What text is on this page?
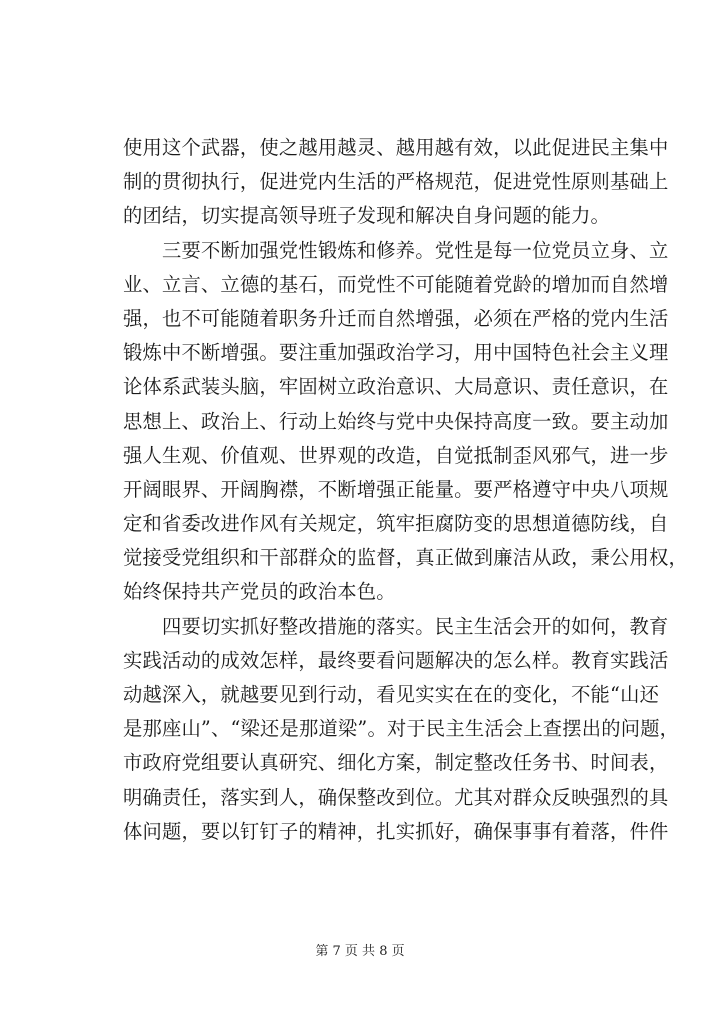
使用这个武器，使之越用越灵、越用越有效，以此促进民主集中
制的贯彻执行，促进党内生活的严格规范，促进党性原则基础上
的团结，切实提高领导班子发现和解决自身问题的能力。
三要不断加强党性锻炼和修养。党性是每一位党员立身、立
业、立言、立德的基石，而党性不可能随着党龄的增加而自然增
强，也不可能随着职务升迁而自然增强，必须在严格的党内生活
锻炼中不断增强。要注重加强政治学习，用中国特色社会主义理
论体系武装头脑，牢固树立政治意识、大局意识、责任意识，在
思想上、政治上、行动上始终与党中央保持高度一致。要主动加
强人生观、价值观、世界观的改造，自觉抵制歪风邪气，进一步
开阔眼界、开阔胸襟，不断增强正能量。要严格遵守中央八项规
定和省委改进作风有关规定，筑牢拒腐防变的思想道德防线，自
觉接受党组织和干部群众的监督，真正做到廉洁从政，秉公用权，
始终保持共产党员的政治本色。
四要切实抓好整改措施的落实。民主生活会开的如何，教育
实践活动的成效怎样，最终要看问题解决的怎么样。教育实践活
动越深入，就越要见到行动，看见实实在在的变化，不能“山还
是那座山”、“梁还是那道梁”。对于民主生活会上查摆出的问题，
市政府党组要认真研究、细化方案，制定整改任务书、时间表，
明确责任，落实到人，确保整改到位。尤其对群众反映强烈的具
体问题，要以钉钉子的精神，扎实抓好，确保事事有着落，件件
第 7 页 共 8 页
